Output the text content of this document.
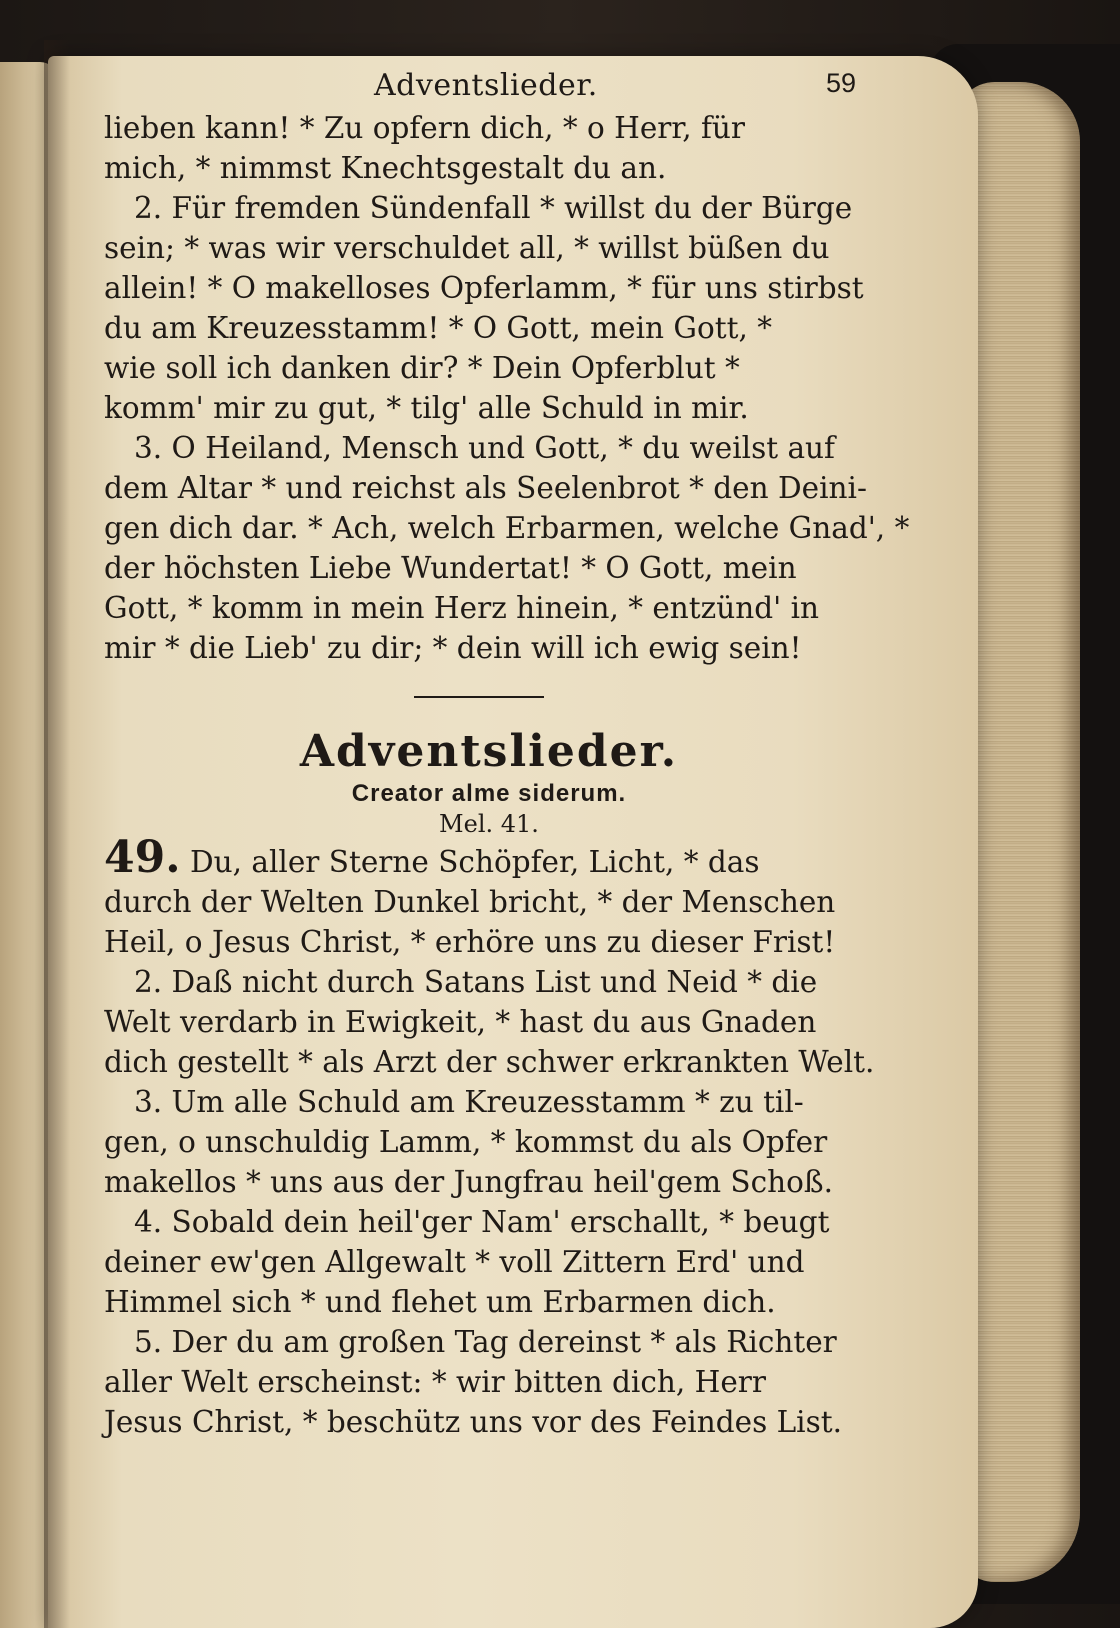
Adventslieder.	59
lieben kann! * Zu opfern dich, * o Herr, für
mich, * nimmst Knechtsgestalt du an.
2. Für fremden Sündenfall * willst du der Bürge
sein; * was wir verschuldet all, * willst büßen du
allein! * O makelloses Opferlamm, * für uns stirbst
du am Kreuzesstamm! * O Gott, mein Gott, *
wie soll ich danken dir? * Dein Opferblut *
komm' mir zu gut, * tilg' alle Schuld in mir.
3. O Heiland, Mensch und Gott, * du weilst auf
dem Altar * und reichst als Seelenbrot * den Deini-
gen dich dar. * Ach, welch Erbarmen, welche Gnad', *
der höchsten Liebe Wundertat! * O Gott, mein
Gott, * komm in mein Herz hinein, * entzünd' in
mir * die Lieb' zu dir; * dein will ich ewig sein!
Adventslieder.
Creator alme siderum.
Mel. 41.
49. Du, aller Sterne Schöpfer, Licht, * das
durch der Welten Dunkel bricht, * der Menschen
Heil, o Jesus Christ, * erhöre uns zu dieser Frist!
2. Daß nicht durch Satans List und Neid * die
Welt verdarb in Ewigkeit, * hast du aus Gnaden
dich gestellt * als Arzt der schwer erkrankten Welt.
3. Um alle Schuld am Kreuzesstamm * zu til-
gen, o unschuldig Lamm, * kommst du als Opfer
makellos * uns aus der Jungfrau heil'gem Schoß.
4. Sobald dein heil'ger Nam' erschallt, * beugt
deiner ew'gen Allgewalt * voll Zittern Erd' und
Himmel sich * und flehet um Erbarmen dich.
5. Der du am großen Tag dereinst * als Richter
aller Welt erscheinst: * wir bitten dich, Herr
Jesus Christ, * beschütz uns vor des Feindes List.
